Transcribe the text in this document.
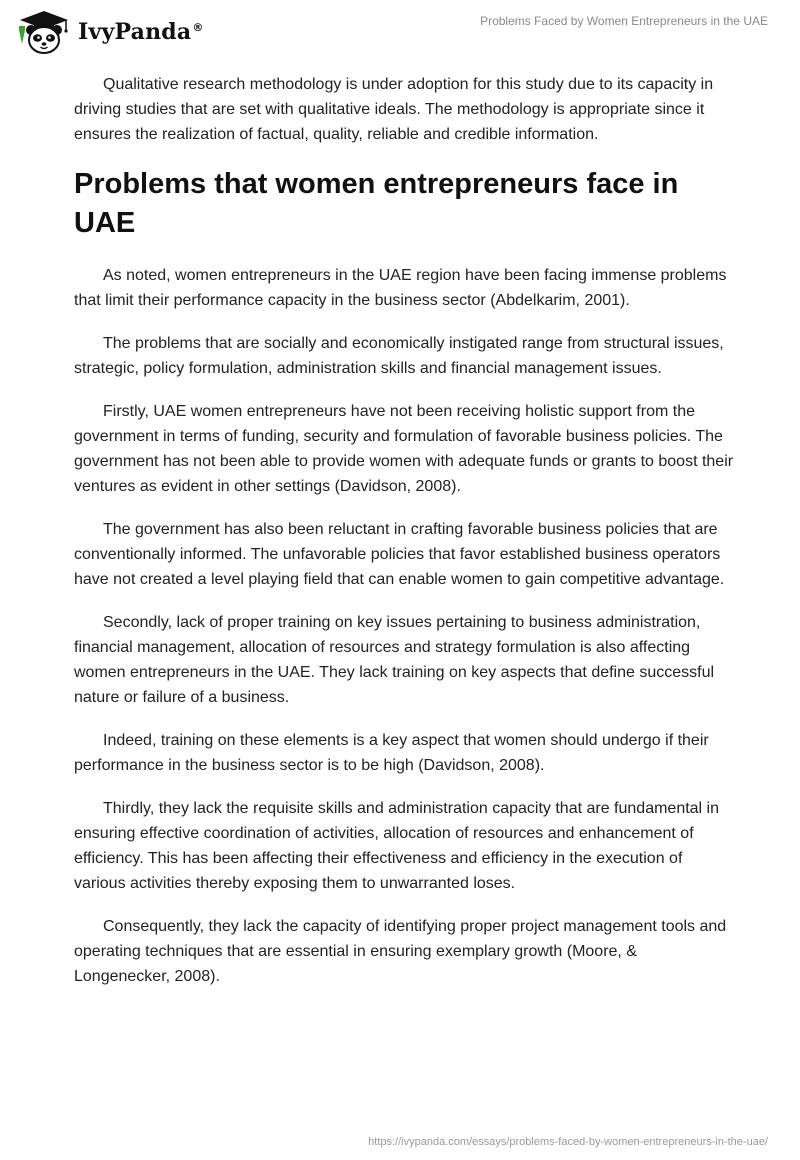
IvyPanda®	Problems Faced by Women Entrepreneurs in the UAE

Qualitative research methodology is under adoption for this study due to its capacity in driving studies that are set with qualitative ideals. The methodology is appropriate since it ensures the realization of factual, quality, reliable and credible information.

Problems that women entrepreneurs face in UAE

As noted, women entrepreneurs in the UAE region have been facing immense problems that limit their performance capacity in the business sector (Abdelkarim, 2001).

The problems that are socially and economically instigated range from structural issues, strategic, policy formulation, administration skills and financial management issues.

Firstly, UAE women entrepreneurs have not been receiving holistic support from the government in terms of funding, security and formulation of favorable business policies. The government has not been able to provide women with adequate funds or grants to boost their ventures as evident in other settings (Davidson, 2008).

The government has also been reluctant in crafting favorable business policies that are conventionally informed. The unfavorable policies that favor established business operators have not created a level playing field that can enable women to gain competitive advantage.

Secondly, lack of proper training on key issues pertaining to business administration, financial management, allocation of resources and strategy formulation is also affecting women entrepreneurs in the UAE. They lack training on key aspects that define successful nature or failure of a business.

Indeed, training on these elements is a key aspect that women should undergo if their performance in the business sector is to be high (Davidson, 2008).

Thirdly, they lack the requisite skills and administration capacity that are fundamental in ensuring effective coordination of activities, allocation of resources and enhancement of efficiency. This has been affecting their effectiveness and efficiency in the execution of various activities thereby exposing them to unwarranted loses.

Consequently, they lack the capacity of identifying proper project management tools and operating techniques that are essential in ensuring exemplary growth (Moore, & Longenecker, 2008).

https://ivypanda.com/essays/problems-faced-by-women-entrepreneurs-in-the-uae/
